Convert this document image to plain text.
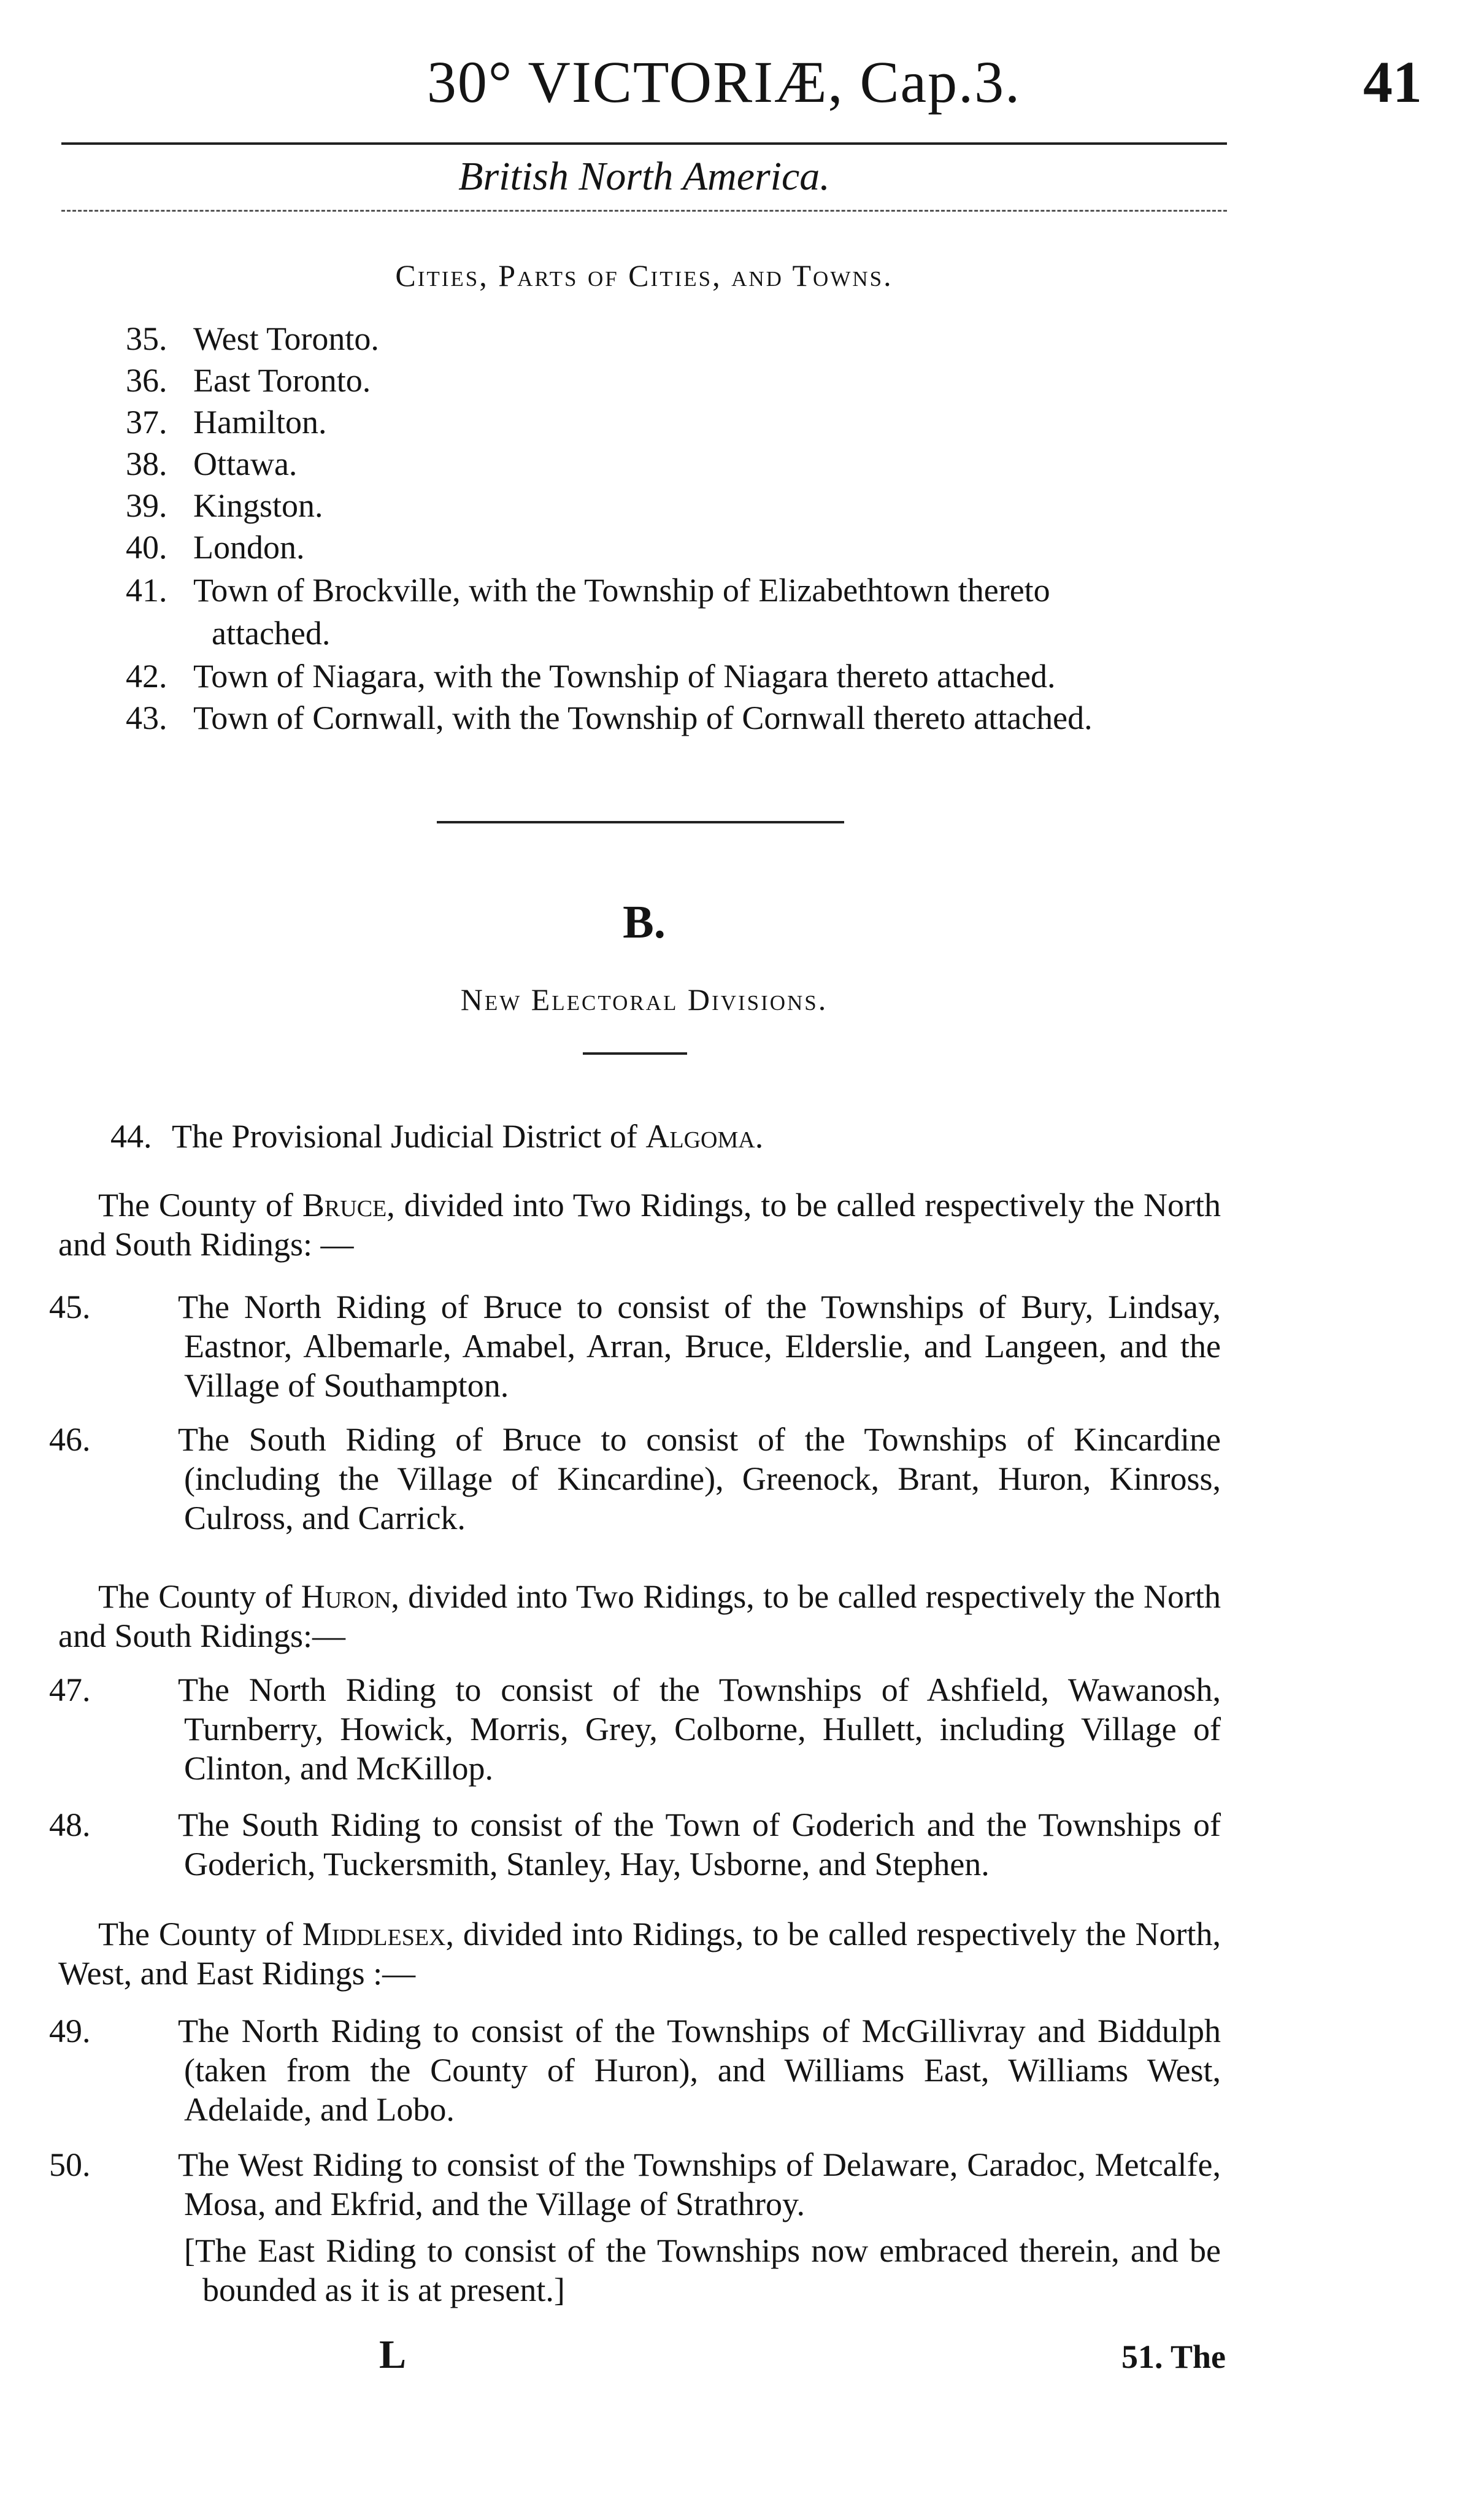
30° VICTORIÆ, Cap.3.	41
British North America.
Cities, Parts of Cities, and Towns.
35. West Toronto.
36. East Toronto.
37. Hamilton.
38. Ottawa.
39. Kingston.
40. London.
41. Town of Brockville, with the Township of Elizabethtown thereto
attached.
42. Town of Niagara, with the Township of Niagara thereto attached.
43. Town of Cornwall, with the Township of Cornwall thereto attached.
B.
New Electoral Divisions.
44. The Provisional Judicial District of Algoma.
The County of Bruce, divided into Two Ridings, to be called respectively the North and South Ridings: —
45.	The North Riding of Bruce to consist of the Townships of Bury, Lindsay, Eastnor, Albemarle, Amabel, Arran, Bruce, Elderslie, and Langeen, and the Village of Southampton.
46.	The South Riding of Bruce to consist of the Townships of Kincardine (including the Village of Kincardine), Greenock, Brant, Huron, Kinross, Culross, and Carrick.
The County of Huron, divided into Two Ridings, to be called respectively the North and South Ridings:—
47.	The North Riding to consist of the Townships of Ashfield, Wawanosh, Turnberry, Howick, Morris, Grey, Colborne, Hullett, including Village of Clinton, and McKillop.
48.	The South Riding to consist of the Town of Goderich and the Townships of Goderich, Tuckersmith, Stanley, Hay, Usborne, and Stephen.
The County of Middlesex, divided into Ridings, to be called respectively the North, West, and East Ridings :—
49.	The North Riding to consist of the Townships of McGillivray and Biddulph (taken from the County of Huron), and Williams East, Williams West, Adelaide, and Lobo.
50.	The West Riding to consist of the Townships of Delaware, Caradoc, Metcalfe, Mosa, and Ekfrid, and the Village of Strathroy.
[The East Riding to consist of the Townships now embraced therein, and be bounded as it is at present.]
L	51. The
